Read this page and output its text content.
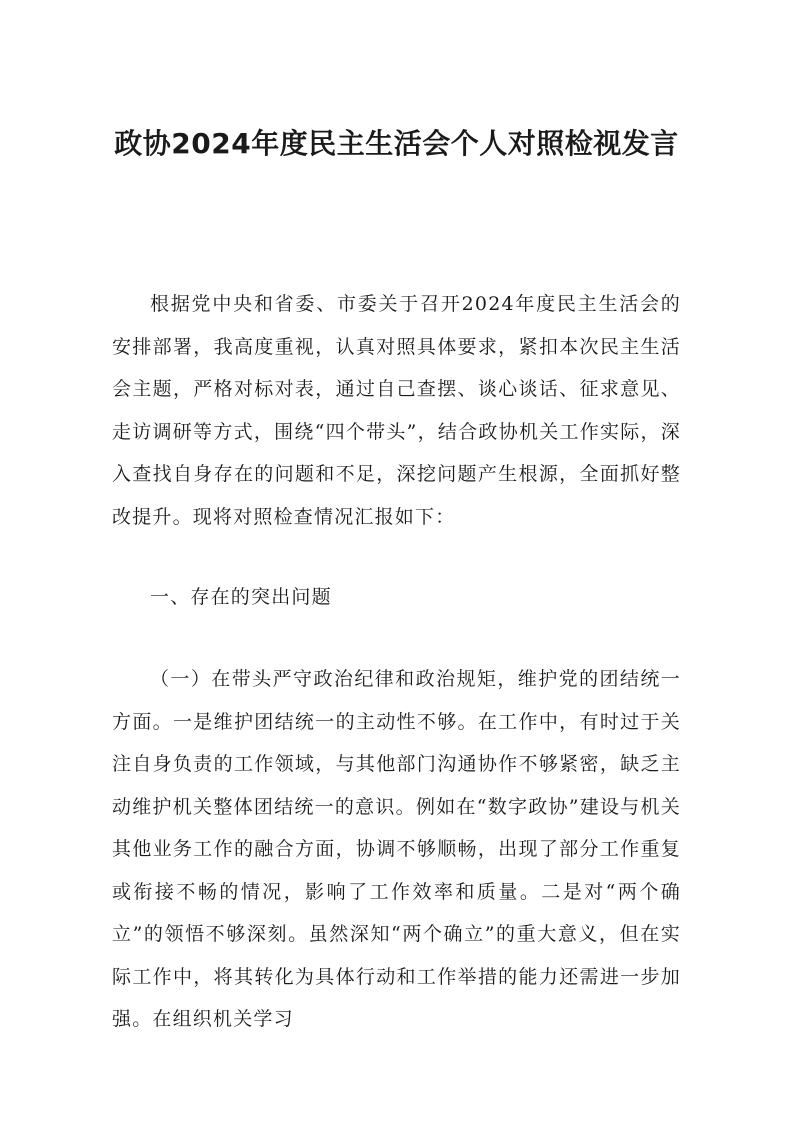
政协2024年度民主生活会个人对照检视发言

根据党中央和省委、市委关于召开2024年度民主生活会的安排部署，我高度重视，认真对照具体要求，紧扣本次民主生活会主题，严格对标对表，通过自己查摆、谈心谈话、征求意见、走访调研等方式，围绕“四个带头”，结合政协机关工作实际，深入查找自身存在的问题和不足，深挖问题产生根源，全面抓好整改提升。现将对照检查情况汇报如下：

一、存在的突出问题

（一）在带头严守政治纪律和政治规矩，维护党的团结统一方面。一是维护团结统一的主动性不够。在工作中，有时过于关注自身负责的工作领域，与其他部门沟通协作不够紧密，缺乏主动维护机关整体团结统一的意识。例如在“数字政协”建设与机关其他业务工作的融合方面，协调不够顺畅，出现了部分工作重复或衔接不畅的情况，影响了工作效率和质量。二是对“两个确立”的领悟不够深刻。虽然深知“两个确立”的重大意义，但在实际工作中，将其转化为具体行动和工作举措的能力还需进一步加强。在组织机关学习
